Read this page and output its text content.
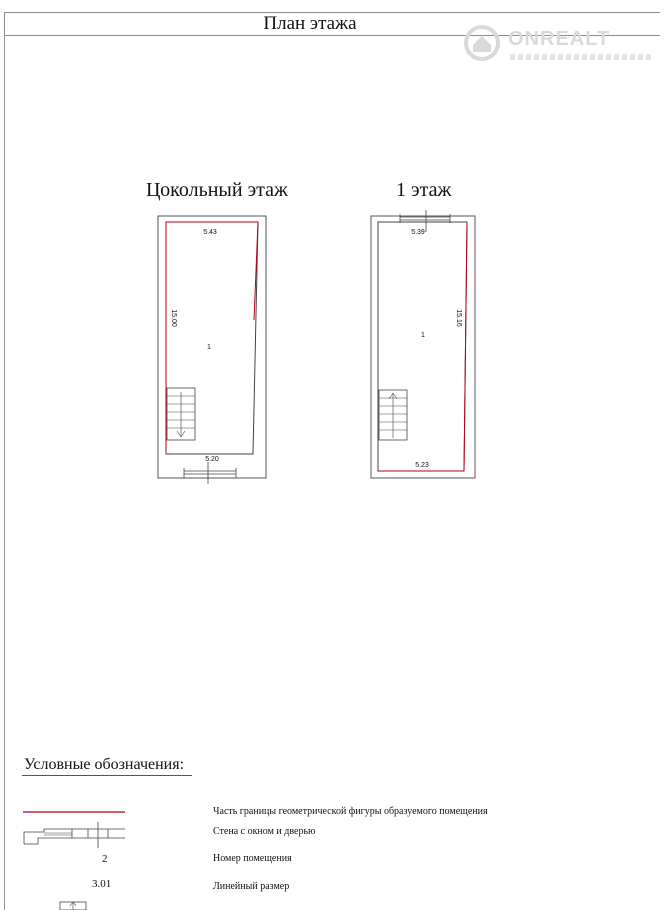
План этажа
ONREALT
Цокольный этаж	1 этаж
5.43
15.00
5.20
1
5.39
15.16
5.23
1
Условные обозначения:
Часть границы геометрической фигуры образуемого помещения
Стена с окном и дверью
2	Номер помещения
3.01	Линейный размер
